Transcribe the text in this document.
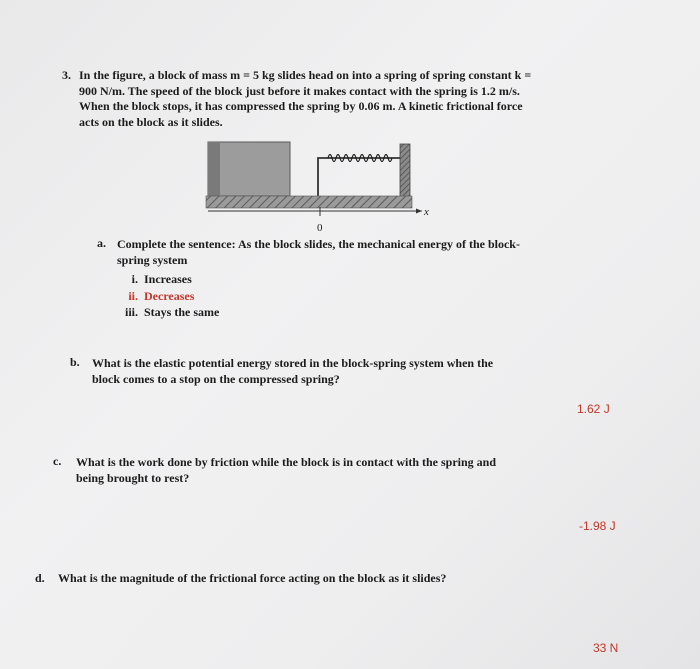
3. In the figure, a block of mass m = 5 kg slides head on into a spring of spring constant k =
900 N/m. The speed of the block just before it makes contact with the spring is 1.2 m/s.
When the block stops, it has compressed the spring by 0.06 m. A kinetic frictional force
acts on the block as it slides.
x
0
a. Complete the sentence: As the block slides, the mechanical energy of the block-
spring system
i. Increases
ii. Decreases
iii. Stays the same
b. What is the elastic potential energy stored in the block-spring system when the
block comes to a stop on the compressed spring?
1.62 J
c. What is the work done by friction while the block is in contact with the spring and
being brought to rest?
-1.98 J
d. What is the magnitude of the frictional force acting on the block as it slides?
33 N
